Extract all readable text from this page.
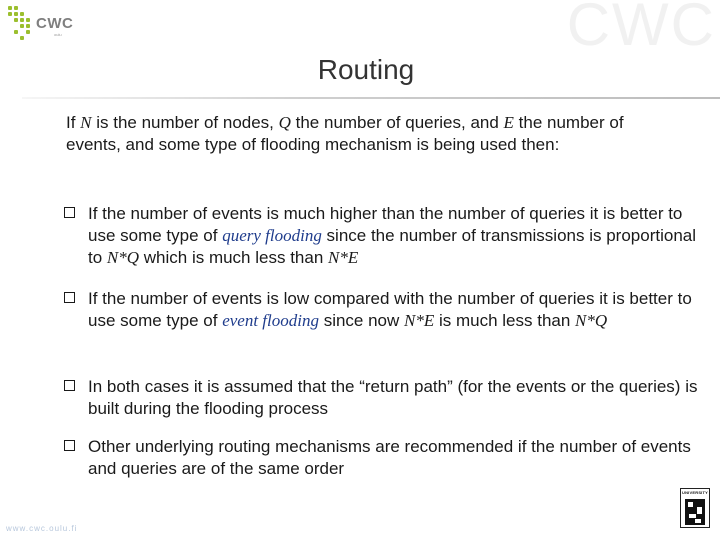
CWC
CWC
oulu
Routing
If N is the number of nodes, Q the number of queries, and E the number of events, and some type of flooding mechanism is being used then:
If the number of events is much higher than the number of queries it is better to use some type of query flooding since the number of transmissions is proportional to N*Q which is much less than N*E
If the number of events is low compared with the number of queries it is better to use some type of event flooding since now N*E is much less than N*Q
In both cases it is assumed that the “return path” (for the events or the queries) is built during the flooding process
Other underlying routing mechanisms are recommended if the number of events and queries are of the same order
www.cwc.oulu.fi
UNIVERSITY
